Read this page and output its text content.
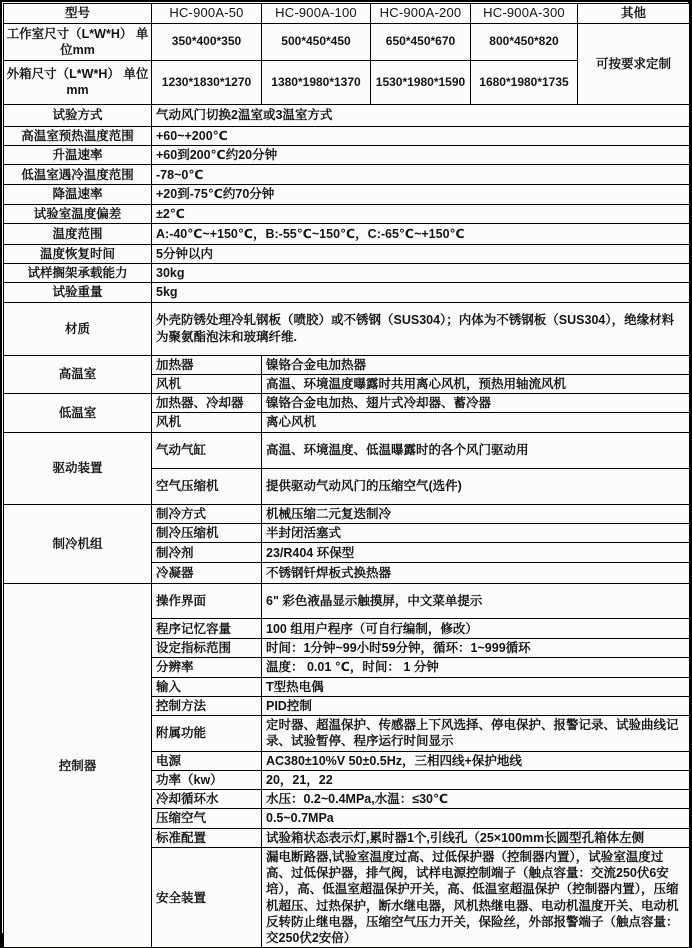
型号	HC-900A-50	HC-900A-100	HC-900A-200	HC-900A-300	其他
工作室尺寸（L*W*H） 单位mm	350*400*350	500*450*450	650*450*670	800*450*820	可按要求定制
外箱尺寸（L*W*H） 单位mm	1230*1830*1270	1380*1980*1370	1530*1980*1590	1680*1980*1735	
试验方式	气动风门切换2温室或3温室方式				
高温室预热温度范围	+60~+200℃				
升温速率	+60到200℃约20分钟				
低温室遇冷温度范围	-78~0℃				
降温速率	+20到-75℃约70分钟				
试验室温度偏差	±2℃				
温度范围	A:-40℃~+150℃，B:-55℃~150℃，C:-65℃~+150℃				
温度恢复时间	5分钟以内				
试样搁架承载能力	30kg				
试验重量	5kg				
材质	外壳防锈处理冷轧钢板（喷胶）或不锈钢（SUS304）；内体为不锈钢板（SUS304），绝缘材料为聚氨酯泡沫和玻璃纤维.				
高温室	加热器	镍铬合金电加热器			
	风机	高温、环境温度曝露时共用离心风机，预热用轴流风机			
低温室	加热器、冷却器	镍铬合金电加热、翅片式冷却器、蓄冷器			
	风机	离心风机			
驱动装置	气动气缸	高温、环境温度、低温曝露时的各个风门驱动用			
	空气压缩机	提供驱动气动风门的压缩空气(选件)			
制冷机组	制冷方式	机械压缩二元复迭制冷			
	制冷压缩机	半封闭活塞式			
	制冷剂	23/R404 环保型			
	冷凝器	不锈钢钎焊板式换热器			
控制器	操作界面	6" 彩色液晶显示触摸屏，中文菜单提示			
	程序记忆容量	100 组用户程序（可自行编制，修改）			
	设定指标范围	时间：1分钟~99小时59分钟，循环：1~999循环			
	分辨率	温度： 0.01 ℃，时间： 1 分钟			
	输入	T型热电偶			
	控制方法	PID控制			
	附属功能	定时器、超温保护、传感器上下风选择、停电保护、报警记录、试验曲线记录、试验暂停、程序运行时间显示			
	电源	AC380±10%V 50±0.5Hz，三相四线+保护地线			
	功率（kw）	20，21，22			
	冷却循环水	水压：0.2~0.4MPa,水温：≤30℃			
	压缩空气	0.5~0.7MPa			
	标准配置	试验箱状态表示灯,累时器1个,引线孔（25×100mm长圆型孔箱体左侧			
	安全装置	漏电断路器,试验室温度过高、过低保护器（控制器内置），试验室温度过高、过低保护器，排气阀，试样电源控制端子（触点容量：交流250伏6安培），高、低温室超温保护开关，高、低温室超温保护（控制器内置），压缩机超压、过热保护，断水继电器，风机热继电器、电动机温度开关、电动机反转防止继电器，压缩空气压力开关，保险丝，外部报警端子（触点容量：交250伏2安倍）			
